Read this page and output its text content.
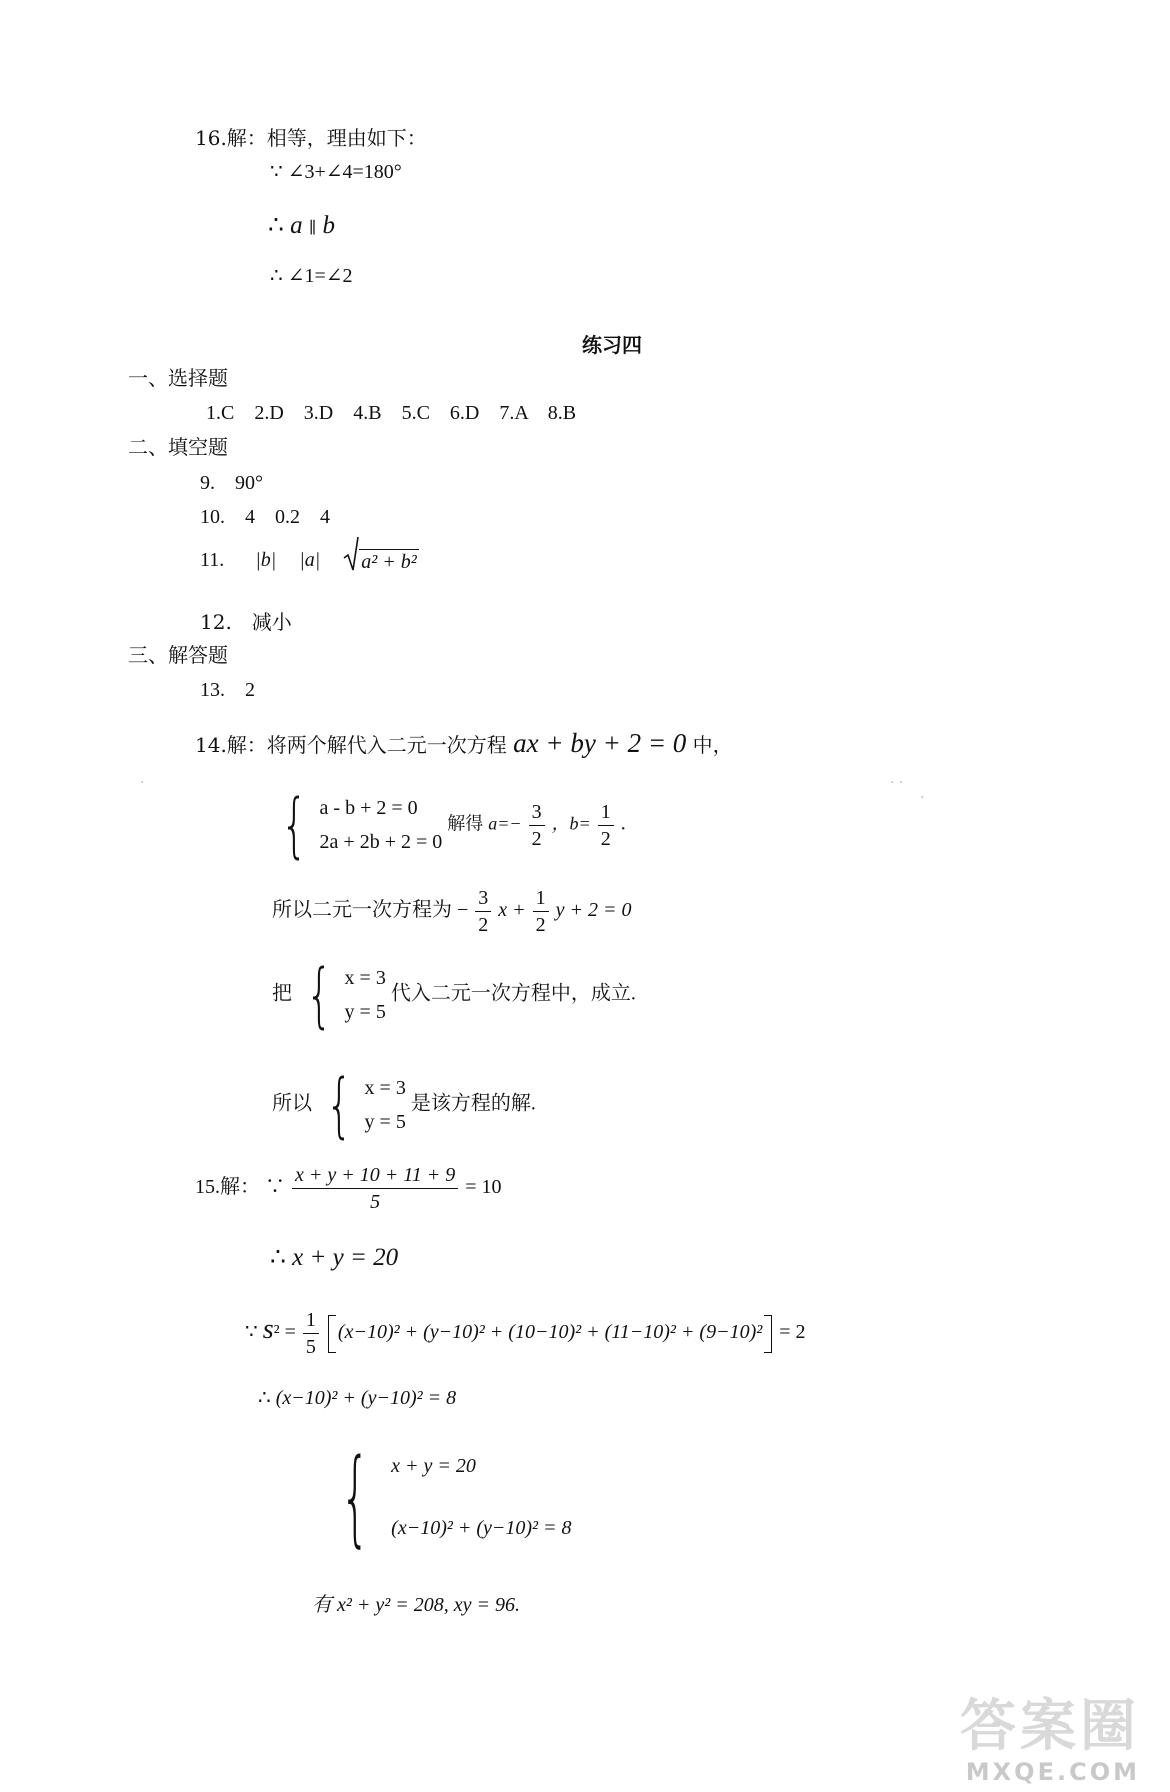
16.解：相等，理由如下：
∵ ∠3+∠4=180°
∴ a ∥ b
∴ ∠1=∠2
练习四
一、选择题
1.C　2.D　3.D　4.B　5.C　6.D　7.A　8.B
二、填空题
9.　90°
10.　4　0.2　4
11. |b| |a| a² + b²
12.　减小
三、解答题
13.　2
14.解：将两个解代入二元一次方程 ax + by + 2 = 0 中，
{ a - b + 2 = 0
2a + 2b + 2 = 0
解得 $a=- \frac{3}{2}$ ，$b= \frac{1}{2}$ .
所以二元一次方程为 − $\frac{3}{2}$ $x + \frac{1}{2}$ y + 2 = 0
把 { x = 3
y = 5
代入二元一次方程中，成立.
所以 { x = 3
y = 5
是该方程的解.
15.解： ∵ $\frac{x + y + 10 + 11 + 9}{5} = 10$
∴ x + y = 20
∵ $s^2 = \frac{1}{5} (x-10)^2 + (y-10)^2 + (10-10)^2 + (11-10)^2 + (9-10)^2 = 2$
∴ (x−10)² + (y−10)² = 8
{ x + y = 20
(x−10)² + (y−10)² = 8
有 x² + y² = 208, xy = 96.
·	· ·
·
答案圈
MXQE.COM
